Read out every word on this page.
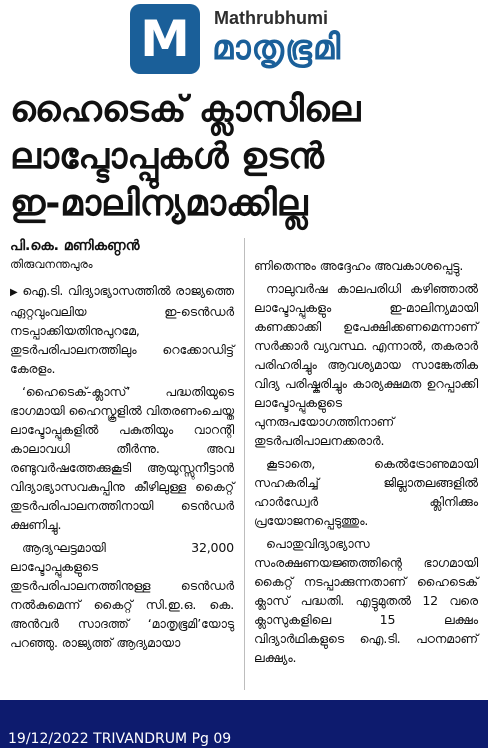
M Mathrubhumi
മാതൃഭൂമി
ഹൈടെക് ക്ലാസിലെ
ലാപ്ടോപ്പുകൾ ഉടൻ
ഇ-മാലിന്യമാക്കില്ല
പി.കെ. മണികണ്ഠൻ
തിരുവനന്തപുരം

▶ ഐ.ടി. വിദ്യാഭ്യാസത്തിൽ രാജ്യത്തെ ഏറ്റവുംവലിയ ഇ-ടെൻഡർ നടപ്പാക്കിയതിനുപുറമേ, തുടർപരിപാലനത്തിലും റെക്കോഡിട്ട് കേരളം.

‘ഹൈടെക്-ക്ലാസ്’ പദ്ധതിയുടെ ഭാഗമായി ഹൈസ്കൂളിൽ വിതരണംചെയ്ത ലാപ്ടോപ്പുകളിൽ പകുതിയും വാറന്റി കാലാവധി തീർന്നു. അവ രണ്ടുവർഷത്തേക്കുകൂടി ആയുസ്സുനീട്ടാൻ വിദ്യാഭ്യാസവകുപ്പിനു കീഴിലുള്ള കൈറ്റ് തുടർപരിപാലനത്തിനായി ടെൻഡർ ക്ഷണിച്ചു.

ആദ്യഘട്ടമായി 32,000 ലാപ്ടോപ്പുകളുടെ തുടർപരിപാലനത്തിനുള്ള ടെൻഡർ നൽകുമെന്ന് കൈറ്റ് സി.ഇ.ഒ. കെ. അൻവർ സാദത്ത് ‘മാതൃഭൂമി’യോടു പറഞ്ഞു. രാജ്യത്ത് ആദ്യമായാ

ണിതെന്നും അദ്ദേഹം അവകാശപ്പെട്ടു.

നാലുവർഷ കാലപരിധി കഴിഞ്ഞാൽ ലാപ്ടോപ്പുകളും ഇ-മാലിന്യമായി കണക്കാക്കി ഉപേക്ഷിക്കണമെന്നാണ് സർക്കാർ വ്യവസ്ഥ. എന്നാൽ, തകരാർ പരിഹരിച്ചും ആവശ്യമായ സാങ്കേതിക വിദ്യ പരിഷ്കരിച്ചും കാര്യക്ഷമത ഉറപ്പാക്കി ലാപ്ടോപ്പുകളുടെ പുനരുപയോഗത്തിനാണ് തുടർപരിപാലനക്കരാർ.

കൂടാതെ, കെൽട്രോണുമായി സഹകരിച്ച് ജില്ലാതലങ്ങളിൽ ഹാർഡ്വേർ ക്ലിനിക്കും പ്രയോജനപ്പെടുത്തും.

പൊതുവിദ്യാഭ്യാസ സംരക്ഷണയജ്ഞത്തിന്റെ ഭാഗമായി കൈറ്റ് നടപ്പാക്കുന്നതാണ് ഹൈടെക് ക്ലാസ് പദ്ധതി. എട്ടുമുതൽ 12 വരെ ക്ലാസുകളിലെ 15 ലക്ഷം വിദ്യാർഥികളുടെ ഐ.ടി. പഠനമാണ് ലക്ഷ്യം.

19/12/2022 TRIVANDRUM Pg 09
